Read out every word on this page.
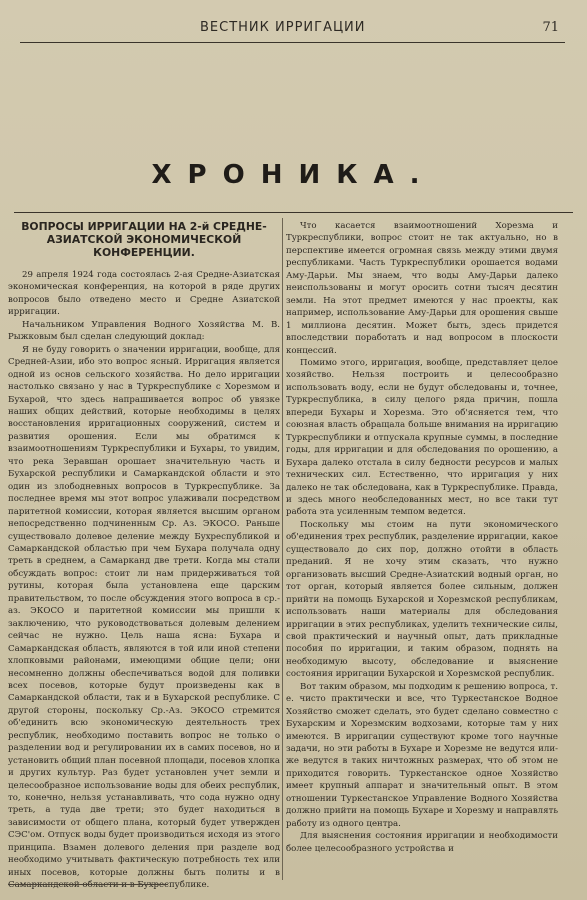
ВЕСТНИК ИРРИГАЦИИ	71
ХРОНИКА.
ВОПРОСЫ ИРРИГАЦИИ НА 2-й СРЕДНЕ-АЗИАТСКОЙ ЭКОНОМИЧЕСКОЙ КОНФЕРЕНЦИИ.

29 апреля 1924 года состоялась 2-ая Средне-Азиатская экономическая конференция, на которой в ряде других вопросов было отведено место и Средне Азиатской ирригации.

Начальником Управления Водного Хозяйства М. В. Рыжковым был сделан следующий доклад:

Я не буду говорить о значении ирригации, вообще, для Средней-Азии, ибо это вопрос ясный. Ирригация является одной из основ сельского хозяйства. Но дело ирригации настолько связано у нас в Туркреспублике с Хорезмом и Бухарой, что здесь напрашивается вопрос об увязке наших общих действий, которые необходимы в целях восстановления ирригационных сооружений, систем и развития орошения. Если мы обратимся к взаимоотношениям Туркреспублики и Бухары, то увидим, что река Зеравшан орошает значительную часть и Бухарской республики и Самаркандской области и это один из злободневных вопросов в Туркреспублике. За последнее время мы этот вопрос улаживали посредством паритетной комиссии, которая является высшим органом непосредственно подчиненным Ср. Аз. ЭКОСО. Раньше существовало долевое деление между Бухреспубликой и Самаркандской областью при чем Бухара получала одну треть в среднем, а Самарканд две трети. Когда мы стали обсуждать вопрос: стоит ли нам придерживаться той рутины, которая была установлена еще царским правительством, то после обсуждения этого вопроса в ср.-аз. ЭКОСО и паритетной комиссии мы пришли к заключению, что руководствоваться долевым делением сейчас не нужно. Цель наша ясна: Бухара и Самаркандская область, являются в той или иной степени хлопковыми районами, имеющими общие цели; они несомненно должны обеспечиваться водой для поливки всех посевов, которые будут произведены как в Самаркандской области, так и в Бухарской республике. С другой стороны, поскольку Ср.-Аз. ЭКОСО стремится об'единить всю экономическую деятельность трех республик, необходимо поставить вопрос не только о разделении вод и регулировании их в самих посевов, но и установить общий план посевной площади, посевов хлопка и других культур. Раз будет установлен учет земли и целесообразное использование воды для обеих республик, то, конечно, нельзя устанавливать, что сода нужно одну треть, а туда две трети; это будет находиться в зависимости от общего плана, который будет утвержден СЭС'ом. Отпуск воды будет производиться исходя из этого принципа. Взамен долевого деления при разделе вод необходимо учитывать фактическую потребность тех или иных посевов, которые должны быть политы и в Самаркандской области и в Бухреспублике.

Что касается взаимоотношений Хорезма и Туркреспублики, вопрос стоит не так актуально, но в перспективе имеется огромная связь между этими двумя республиками. Часть Туркреспублики орошается водами Аму-Дарьи. Мы знаем, что воды Аму-Дарьи далеко неиспользованы и могут оросить сотни тысяч десятин земли. На этот предмет имеются у нас проекты, как например, использование Аму-Дарьи для орошения свыше 1 миллиона десятин. Может быть, здесь придется впоследствии поработать и над вопросом в плоскости концессий.

Помимо этого, ирригация, вообще, представляет целое хозяйство. Нельзя построить и целесообразно использовать воду, если не будут обследованы и, точнее, Туркреспублика, в силу целого ряда причин, пошла впереди Бухары и Хорезма. Это об'ясняется тем, что союзная власть обращала больше внимания на ирригацию Туркреспублики и отпускала крупные суммы, в последние годы, для ирригации и для обследования по орошению, а Бухара далеко отстала в силу бедности ресурсов и малых технических сил. Естественно, что ирригация у них далеко не так обследована, как в Туркреспублике. Правда, и здесь много необследованных мест, но все таки тут работа эта усиленным темпом ведется.

Поскольку мы стоим на пути экономического об'единения трех республик, разделение ирригации, какое существовало до сих пор, должно отойти в область преданий. Я не хочу этим сказать, что нужно организовать высший Средне-Азиатский водный орган, но тот орган, который является более сильным, должен прийти на помощь Бухарской и Хорезмской республикам, использовать наши материалы для обследования ирригации в этих республиках, уделить технические силы, свой практический и научный опыт, дать прикладные пособия по ирригации, и таким образом, поднять на необходимую высоту, обследование и выяснение состояния ирригации Бухарской и Хорезмской республик.

Вот таким образом, мы подходим к решению вопроса, т. е. чисто практически и все, что Туркестанское Водное Хозяйство сможет сделать, это будет сделано совместно с Бухарским и Хорезмским водхозами, которые там у них имеются. В ирригации существуют кроме того научные задачи, но эти работы в Бухаре и Хорезме не ведутся или-же ведутся в таких ничтожных размерах, что об этом не приходится говорить. Туркестанское одное Хозяйство имеет крупный аппарат и значительный опыт. В этом отношении Туркестанское Управление Водного Хозяйства должно прийти на помощь Бухаре и Хорезму и направлять работу из одного центра.

Для выяснения состояния ирригации и необходимости более целесообразного устройства и
